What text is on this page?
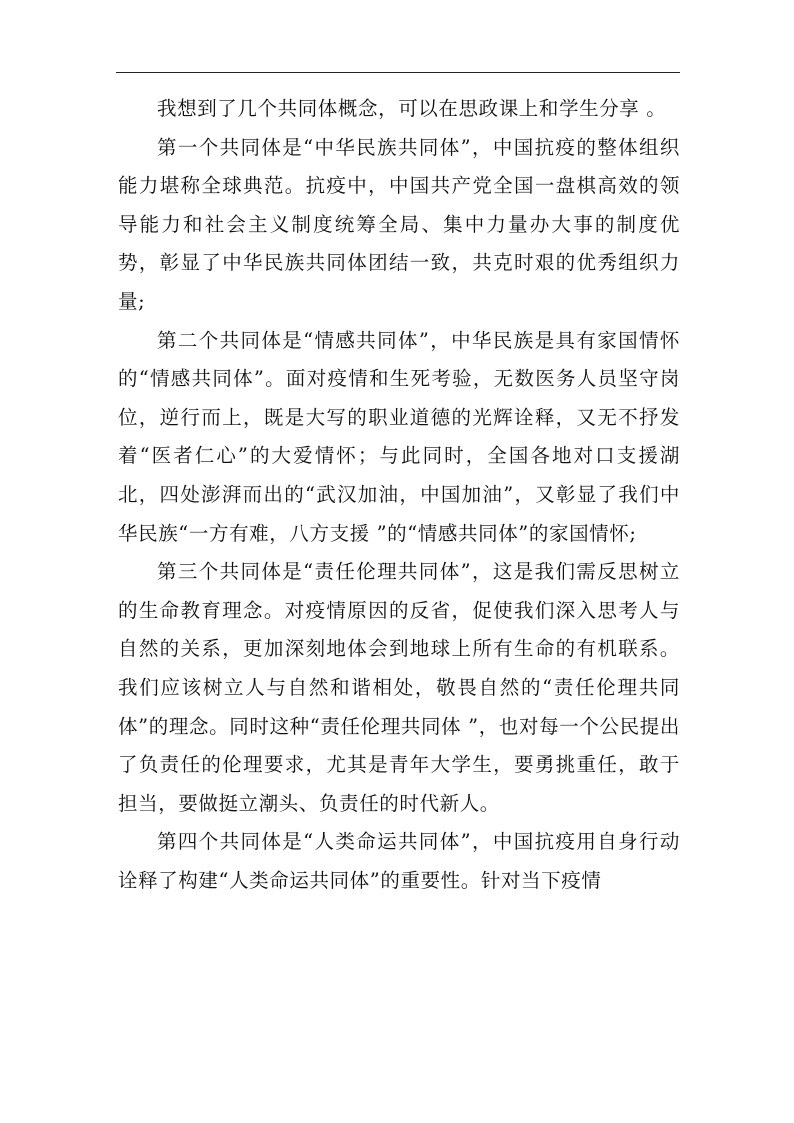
我想到了几个共同体概念，可以在思政课上和学生分享 。

第一个共同体是“中华民族共同体”，中国抗疫的整体组织能力堪称全球典范。抗疫中，中国共产党全国一盘棋高效的领导能力和社会主义制度统筹全局、集中力量办大事的制度优势，彰显了中华民族共同体团结一致，共克时艰的优秀组织力量;

第二个共同体是“情感共同体”，中华民族是具有家国情怀的“情感共同体”。面对疫情和生死考验，无数医务人员坚守岗位，逆行而上，既是大写的职业道德的光辉诠释，又无不抒发着“医者仁心”的大爱情怀；与此同时，全国各地对口支援湖北，四处澎湃而出的“武汉加油，中国加油”，又彰显了我们中华民族“一方有难，八方支援 ”的“情感共同体”的家国情怀;

第三个共同体是“责任伦理共同体”，这是我们需反思树立的生命教育理念。对疫情原因的反省，促使我们深入思考人与自然的关系，更加深刻地体会到地球上所有生命的有机联系。我们应该树立人与自然和谐相处，敬畏自然的“责任伦理共同体”的理念。同时这种“责任伦理共同体 ”，也对每一个公民提出了负责任的伦理要求，尤其是青年大学生，要勇挑重任，敢于担当，要做挺立潮头、负责任的时代新人。

第四个共同体是“人类命运共同体”，中国抗疫用自身行动诠释了构建“人类命运共同体”的重要性。针对当下疫情
